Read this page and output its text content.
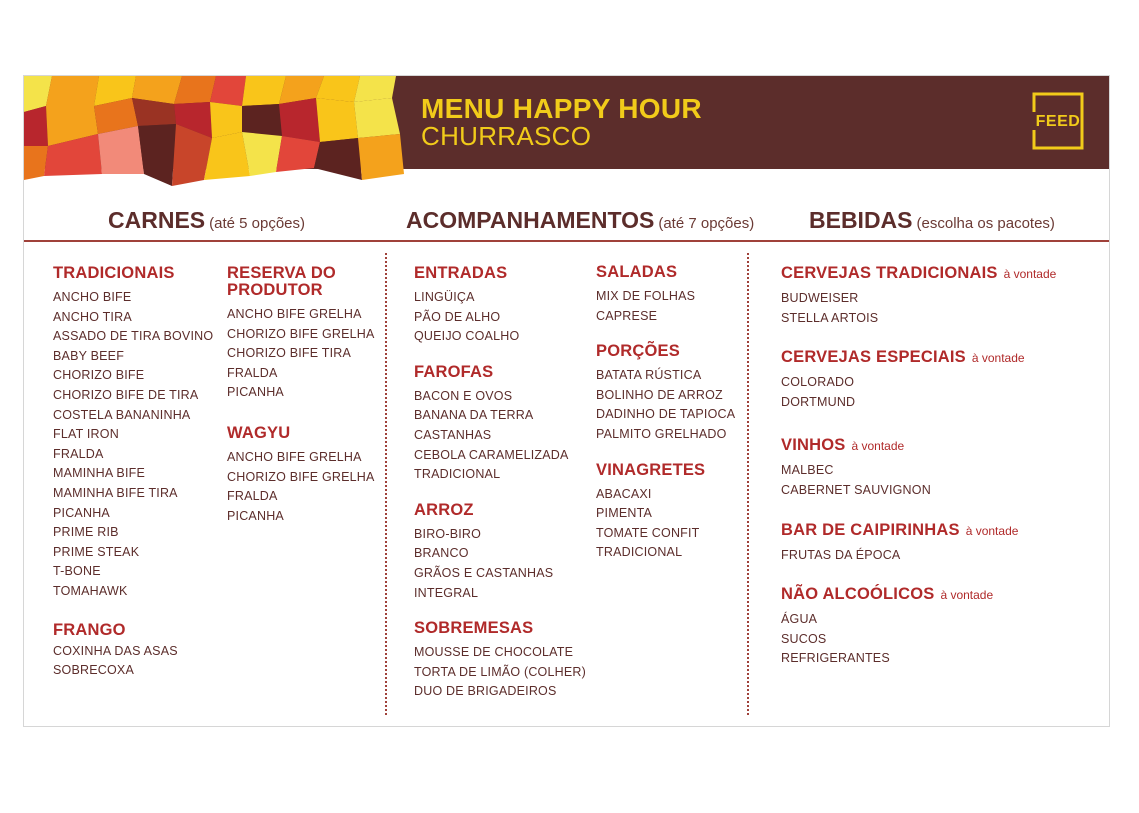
MENU HAPPY HOUR
CHURRASCO	FEED
CARNES (até 5 opções)	ACOMPANHAMENTOS (até 7 opções) BEBIDAS (escolha os pacotes)
TRADICIONAIS
ANCHO BIFE
ANCHO TIRA
ASSADO DE TIRA BOVINO
BABY BEEF
CHORIZO BIFE
CHORIZO BIFE DE TIRA
COSTELA BANANINHA
FLAT IRON
FRALDA
MAMINHA BIFE
MAMINHA BIFE TIRA
PICANHA
PRIME RIB
PRIME STEAK
T-BONE
TOMAHAWK
FRANGO
COXINHA DAS ASAS
SOBRECOXA
RESERVA DO
PRODUTOR
ANCHO BIFE GRELHA
CHORIZO BIFE GRELHA
CHORIZO BIFE TIRA
FRALDA
PICANHA
WAGYU
ANCHO BIFE GRELHA
CHORIZO BIFE GRELHA
FRALDA
PICANHA
ENTRADAS
LINGÜIÇA
PÃO DE ALHO
QUEIJO COALHO
FAROFAS
BACON E OVOS
BANANA DA TERRA
CASTANHAS
CEBOLA CARAMELIZADA
TRADICIONAL
ARROZ
BIRO-BIRO
BRANCO
GRÃOS E CASTANHAS
INTEGRAL
SOBREMESAS
MOUSSE DE CHOCOLATE
TORTA DE LIMÃO (COLHER)
DUO DE BRIGADEIROS
SALADAS
MIX DE FOLHAS
CAPRESE
PORÇÕES
BATATA RÚSTICA
BOLINHO DE ARROZ
DADINHO DE TAPIOCA
PALMITO GRELHADO
VINAGRETES
ABACAXI
PIMENTA
TOMATE CONFIT
TRADICIONAL
CERVEJAS TRADICIONAIS à vontade
BUDWEISER
STELLA ARTOIS
CERVEJAS ESPECIAIS à vontade
COLORADO
DORTMUND
VINHOS à vontade
MALBEC
CABERNET SAUVIGNON
BAR DE CAIPIRINHAS à vontade
FRUTAS DA ÉPOCA
NÃO ALCOÓLICOS à vontade
ÁGUA
SUCOS
REFRIGERANTES
